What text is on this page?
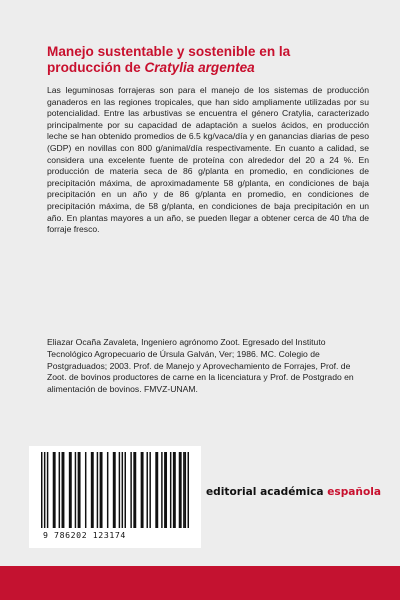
Manejo sustentable y sostenible en la
producción de Cratylia argentea

Las leguminosas forrajeras son para el manejo de los sistemas de producción ganaderos en las regiones tropicales, que han sido ampliamente utilizadas por su potencialidad. Entre las arbustivas se encuentra el género Cratylia, caracterizado principalmente por su capacidad de adaptación a suelos ácidos, en producción leche se han obtenido promedios de 6.5 kg/vaca/día y en ganancias diarias de peso (GDP) en novillas con 800 g/animal/día respectivamente. En cuanto a calidad, se considera una excelente fuente de proteína con alrededor del 20 a 24 %. En producción de materia seca de 86 g/planta en promedio, en condiciones de precipitación máxima, de aproximadamente 58 g/planta, en condiciones de baja precipitación en un año y de 86 g/planta en promedio, en condiciones de precipitación máxima, de 58 g/planta, en condiciones de baja precipitación en un año. En plantas mayores a un año, se pueden llegar a obtener cerca de 40 t/ha de forraje fresco.

Eliazar Ocaña Zavaleta, Ingeniero agrónomo Zoot. Egresado del Instituto Tecnológico Agropecuario de Úrsula Galván, Ver; 1986. MC. Colegio de Postgraduados; 2003. Prof. de Manejo y Aprovechamiento de Forrajes, Prof. de Zoot. de bovinos productores de carne en la licenciatura y Prof. de Postgrado en alimentación de bovinos. FMVZ-UNAM.

9 786202 123174
editorial académica española
